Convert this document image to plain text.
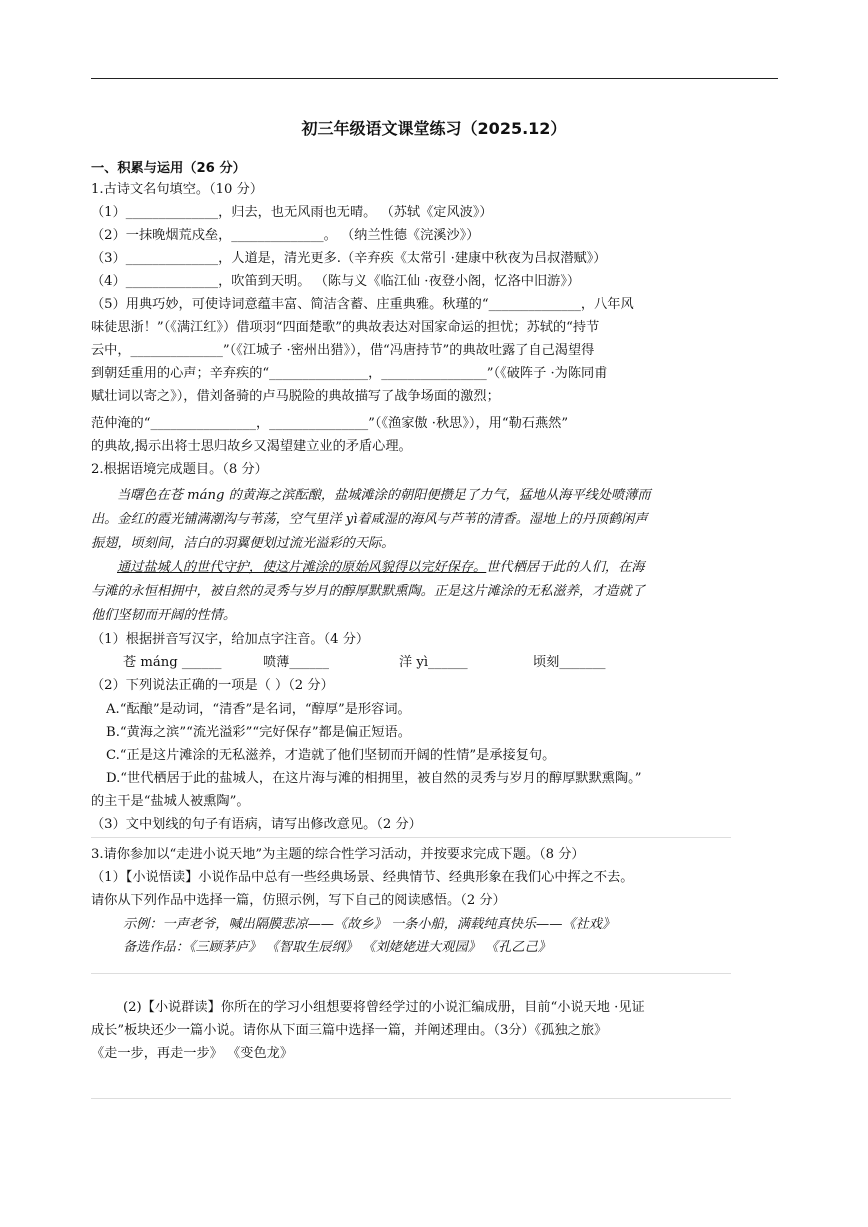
初三年级语文课堂练习（2025.12）
一、积累与运用（26 分）
1.古诗文名句填空。（10 分）
（1）______________，归去，也无风雨也无晴。 （苏轼《定风波》）
（2）一抹晚烟荒戍垒，______________。 （纳兰性德《浣溪沙》）
（3）______________，人道是，清光更多.（辛弃疾《太常引 ·建康中秋夜为吕叔潜赋》）
（4）______________，吹笛到天明。 （陈与义《临江仙 ·夜登小阁，忆洛中旧游》）
（5）用典巧妙，可使诗词意蕴丰富、简洁含蓄、庄重典雅。秋瑾的“______________，八年风
味徒思浙！”（《满江红》）借项羽“四面楚歌”的典故表达对国家命运的担忧；苏轼的“持节
云中，______________”（《江城子 ·密州出猎》），借“冯唐持节”的典故吐露了自己渴望得
到朝廷重用的心声；辛弃疾的“_______________，________________”（《破阵子 ·为陈同甫
赋壮词以寄之》），借刘备骑的卢马脱险的典故描写了战争场面的激烈；
范仲淹的“________________，_______________”（《渔家傲 ·秋思》），用“勒石燕然”
的典故,揭示出将士思归故乡又渴望建立业的矛盾心理。
2.根据语境完成题目。（8 分）
当曙色在苍 máng 的黄海之滨酝酿，盐城滩涂的朝阳便攒足了力气，猛地从海平线处喷薄而
出。金红的霞光铺满潮沟与苇荡，空气里洋 yì着咸湿的海风与芦苇的清香。湿地上的丹顶鹤闲声
振翅，顷刻间，洁白的羽翼便划过流光溢彩的天际。
通过盐城人的世代守护，使这片滩涂的原始风貌得以完好保存。世代栖居于此的人们，在海
与滩的永恒相拥中，被自然的灵秀与岁月的醇厚默默熏陶。正是这片滩涂的无私滋养，才造就了
他们坚韧而开阔的性情。
（1）根据拼音写汉字，给加点字注音。（4 分）
苍 máng ______	喷薄______	洋 yì______	顷刻_______
（2）下列说法正确的一项是（ ）（2 分）
A.“酝酿”是动词，“清香”是名词，“醇厚”是形容词。
B.“黄海之滨”“流光溢彩”“完好保存”都是偏正短语。
C.“正是这片滩涂的无私滋养，才造就了他们坚韧而开阔的性情”是承接复句。
D.“世代栖居于此的盐城人，在这片海与滩的相拥里，被自然的灵秀与岁月的醇厚默默熏陶。”
的主干是“盐城人被熏陶”。
（3）文中划线的句子有语病，请写出修改意见。（2 分）
3.请你参加以“走进小说天地”为主题的综合性学习活动，并按要求完成下题。（8 分）
（1）【小说悟读】小说作品中总有一些经典场景、经典情节、经典形象在我们心中挥之不去。
请你从下列作品中选择一篇，仿照示例，写下自己的阅读感悟。（2 分）
示例：一声老爷，喊出隔膜悲凉——《故乡》 一条小船，满载纯真快乐——《社戏》
备选作品：《三顾茅庐》 《智取生辰纲》 《刘姥姥进大观园》 《孔乙己》
(2)【小说群读】你所在的学习小组想要将曾经学过的小说汇编成册，目前“小说天地 ·见证
成长”板块还少一篇小说。请你从下面三篇中选择一篇，并阐述理由。（3分）《孤独之旅》
《走一步，再走一步》 《变色龙》
